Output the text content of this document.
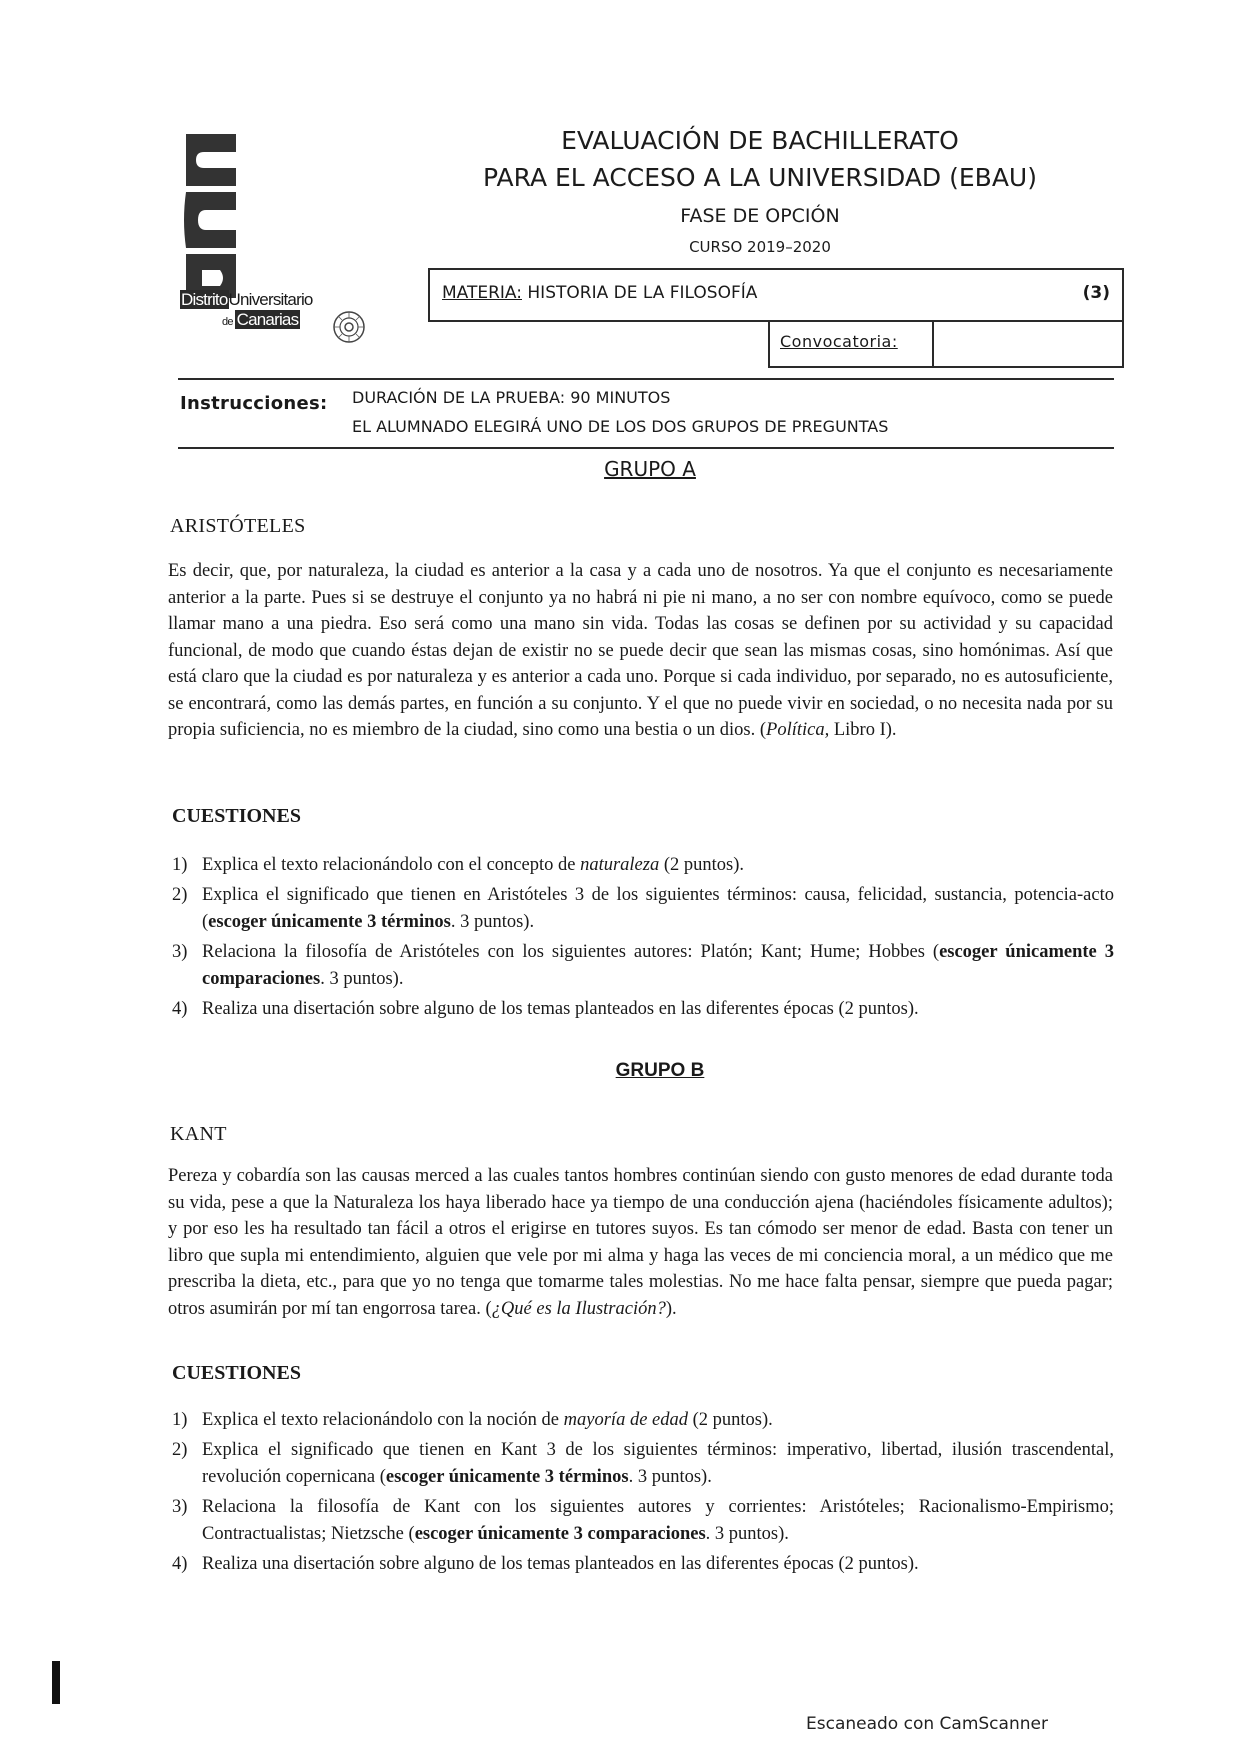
DistritoUniversitario
de Canarias
EVALUACIÓN DE BACHILLERATO
PARA EL ACCESO A LA UNIVERSIDAD (EBAU)
FASE DE OPCIÓN
CURSO 2019–2020
MATERIA: HISTORIA DE LA FILOSOFÍA	(3)
Convocatoria:
Instrucciones: DURACIÓN DE LA PRUEBA: 90 MINUTOS
EL ALUMNADO ELEGIRÁ UNO DE LOS DOS GRUPOS DE PREGUNTAS
GRUPO A
ARISTÓTELES
Es decir, que, por naturaleza, la ciudad es anterior a la casa y a cada uno de nosotros. Ya que el conjunto es necesariamente anterior a la parte. Pues si se destruye el conjunto ya no habrá ni pie ni mano, a no ser con nombre equívoco, como se puede llamar mano a una piedra. Eso será como una mano sin vida. Todas las cosas se definen por su actividad y su capacidad funcional, de modo que cuando éstas dejan de existir no se puede decir que sean las mismas cosas, sino homónimas. Así que está claro que la ciudad es por naturaleza y es anterior a cada uno. Porque si cada individuo, por separado, no es autosuficiente, se encontrará, como las demás partes, en función a su conjunto. Y el que no puede vivir en sociedad, o no necesita nada por su propia suficiencia, no es miembro de la ciudad, sino como una bestia o un dios. (Política, Libro I).
CUESTIONES
1) Explica el texto relacionándolo con el concepto de naturaleza (2 puntos).
2) Explica el significado que tienen en Aristóteles 3 de los siguientes términos: causa, felicidad, sustancia, potencia-acto (escoger únicamente 3 términos. 3 puntos).
3) Relaciona la filosofía de Aristóteles con los siguientes autores: Platón; Kant; Hume; Hobbes (escoger únicamente 3 comparaciones. 3 puntos).
4) Realiza una disertación sobre alguno de los temas planteados en las diferentes épocas (2 puntos).
GRUPO B
KANT
Pereza y cobardía son las causas merced a las cuales tantos hombres continúan siendo con gusto menores de edad durante toda su vida, pese a que la Naturaleza los haya liberado hace ya tiempo de una conducción ajena (haciéndoles físicamente adultos); y por eso les ha resultado tan fácil a otros el erigirse en tutores suyos. Es tan cómodo ser menor de edad. Basta con tener un libro que supla mi entendimiento, alguien que vele por mi alma y haga las veces de mi conciencia moral, a un médico que me prescriba la dieta, etc., para que yo no tenga que tomarme tales molestias. No me hace falta pensar, siempre que pueda pagar; otros asumirán por mí tan engorrosa tarea. (¿Qué es la Ilustración?).
CUESTIONES
1) Explica el texto relacionándolo con la noción de mayoría de edad (2 puntos).
2) Explica el significado que tienen en Kant 3 de los siguientes términos: imperativo, libertad, ilusión trascendental, revolución copernicana (escoger únicamente 3 términos. 3 puntos).
3) Relaciona la filosofía de Kant con los siguientes autores y corrientes: Aristóteles; Racionalismo-Empirismo; Contractualistas; Nietzsche (escoger únicamente 3 comparaciones. 3 puntos).
4) Realiza una disertación sobre alguno de los temas planteados en las diferentes épocas (2 puntos).
Escaneado con CamScanner
